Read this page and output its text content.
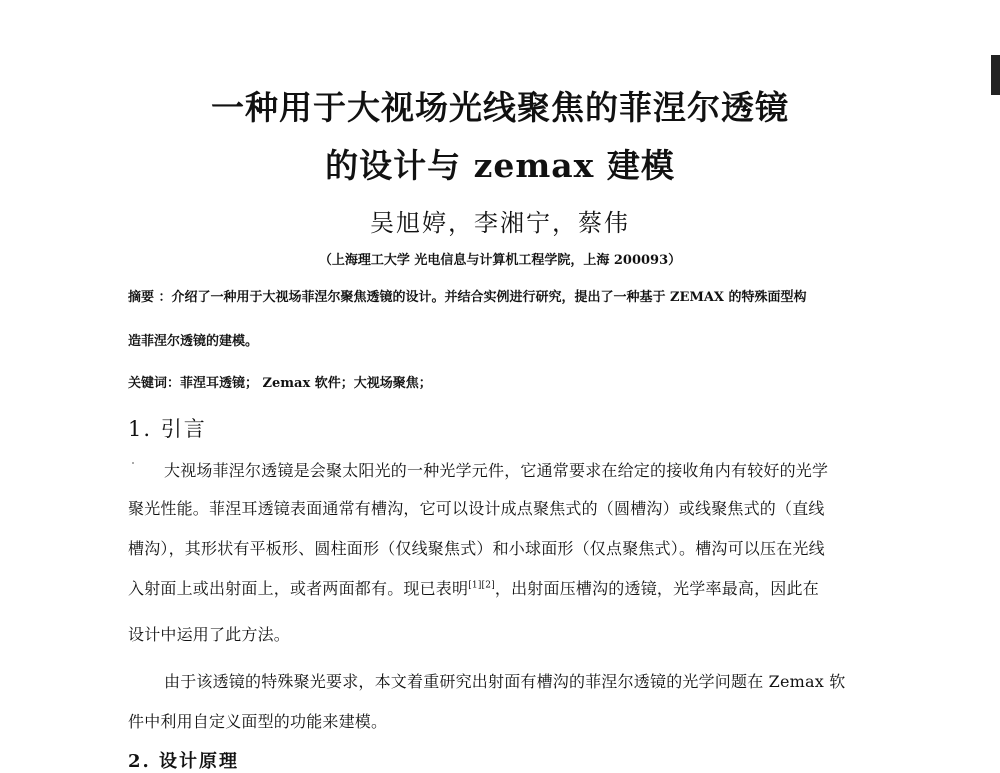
一种用于大视场光线聚焦的菲涅尔透镜
的设计与 zemax 建模
吴旭婷，李湘宁，蔡伟
（上海理工大学 光电信息与计算机工程学院，上海 200093）
摘要 ：介绍了一种用于大视场菲涅尔聚焦透镜的设计。并结合实例进行研究，提出了一种基于 ZEMAX 的特殊面型构
造菲涅尔透镜的建模。
关键词：菲涅耳透镜； Zemax 软件；大视场聚焦；
1. 引言
大视场菲涅尔透镜是会聚太阳光的一种光学元件，它通常要求在给定的接收角内有较好的光学
聚光性能。菲涅耳透镜表面通常有槽沟，它可以设计成点聚焦式的（圆槽沟）或线聚焦式的（直线
槽沟），其形状有平板形、圆柱面形（仅线聚焦式）和小球面形（仅点聚焦式）。槽沟可以压在光线
入射面上或出射面上，或者两面都有。现已表明[1][2]，出射面压槽沟的透镜，光学率最高，因此在
设计中运用了此方法。
由于该透镜的特殊聚光要求，本文着重研究出射面有槽沟的菲涅尔透镜的光学问题在 Zemax 软
件中利用自定义面型的功能来建模。
2. 设计原理
